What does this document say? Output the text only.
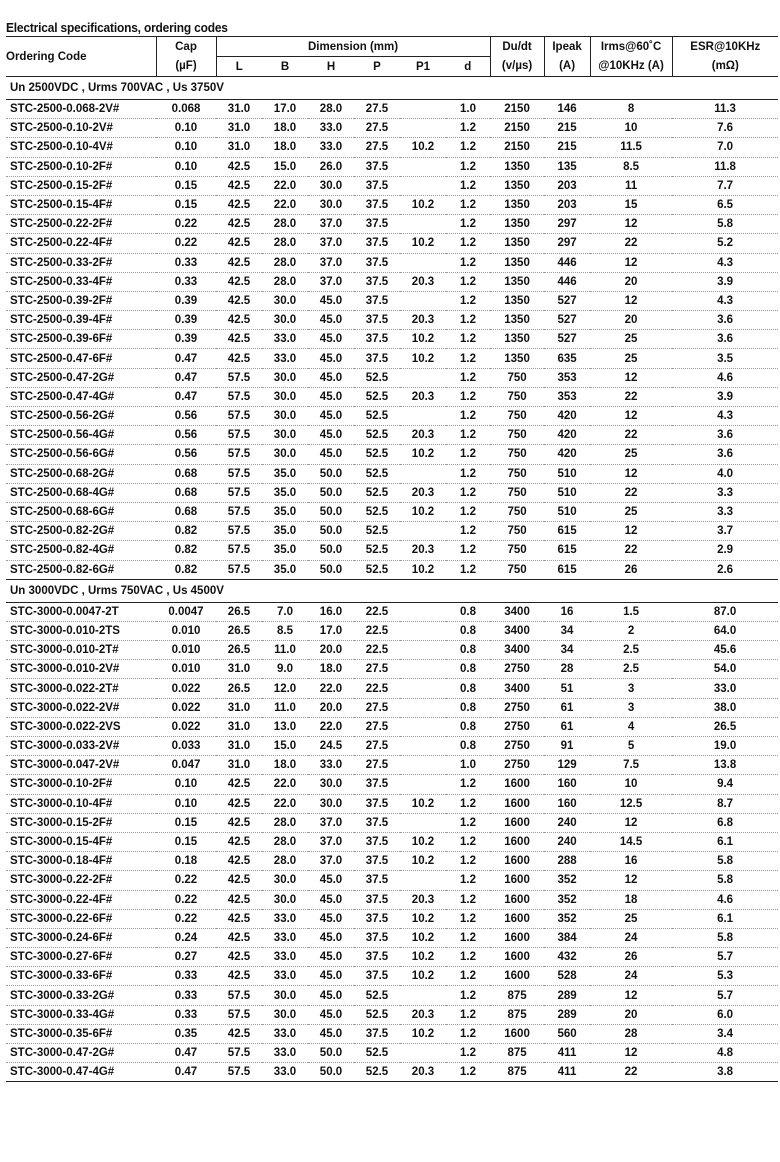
Electrical specifications, ordering codes
Ordering Code	Cap	Dimension (mm)						Du/dt	Ipeak	Irms@60˚C	ESR@10KHz
	(µF)	L	B	H	P	P1	d	(v/µs)	(A)	@10KHz (A)	(mΩ)
Un 2500VDC , Urms 700VAC , Us 3750V											
STC-2500-0.068-2V#	0.068	31.0	17.0	28.0	27.5		1.0	2150	146	8	11.3
STC-2500-0.10-2V#	0.10	31.0	18.0	33.0	27.5		1.2	2150	215	10	7.6
STC-2500-0.10-4V#	0.10	31.0	18.0	33.0	27.5	10.2	1.2	2150	215	11.5	7.0
STC-2500-0.10-2F#	0.10	42.5	15.0	26.0	37.5		1.2	1350	135	8.5	11.8
STC-2500-0.15-2F#	0.15	42.5	22.0	30.0	37.5		1.2	1350	203	11	7.7
STC-2500-0.15-4F#	0.15	42.5	22.0	30.0	37.5	10.2	1.2	1350	203	15	6.5
STC-2500-0.22-2F#	0.22	42.5	28.0	37.0	37.5		1.2	1350	297	12	5.8
STC-2500-0.22-4F#	0.22	42.5	28.0	37.0	37.5	10.2	1.2	1350	297	22	5.2
STC-2500-0.33-2F#	0.33	42.5	28.0	37.0	37.5		1.2	1350	446	12	4.3
STC-2500-0.33-4F#	0.33	42.5	28.0	37.0	37.5	20.3	1.2	1350	446	20	3.9
STC-2500-0.39-2F#	0.39	42.5	30.0	45.0	37.5		1.2	1350	527	12	4.3
STC-2500-0.39-4F#	0.39	42.5	30.0	45.0	37.5	20.3	1.2	1350	527	20	3.6
STC-2500-0.39-6F#	0.39	42.5	33.0	45.0	37.5	10.2	1.2	1350	527	25	3.6
STC-2500-0.47-6F#	0.47	42.5	33.0	45.0	37.5	10.2	1.2	1350	635	25	3.5
STC-2500-0.47-2G#	0.47	57.5	30.0	45.0	52.5		1.2	750	353	12	4.6
STC-2500-0.47-4G#	0.47	57.5	30.0	45.0	52.5	20.3	1.2	750	353	22	3.9
STC-2500-0.56-2G#	0.56	57.5	30.0	45.0	52.5		1.2	750	420	12	4.3
STC-2500-0.56-4G#	0.56	57.5	30.0	45.0	52.5	20.3	1.2	750	420	22	3.6
STC-2500-0.56-6G#	0.56	57.5	30.0	45.0	52.5	10.2	1.2	750	420	25	3.6
STC-2500-0.68-2G#	0.68	57.5	35.0	50.0	52.5		1.2	750	510	12	4.0
STC-2500-0.68-4G#	0.68	57.5	35.0	50.0	52.5	20.3	1.2	750	510	22	3.3
STC-2500-0.68-6G#	0.68	57.5	35.0	50.0	52.5	10.2	1.2	750	510	25	3.3
STC-2500-0.82-2G#	0.82	57.5	35.0	50.0	52.5		1.2	750	615	12	3.7
STC-2500-0.82-4G#	0.82	57.5	35.0	50.0	52.5	20.3	1.2	750	615	22	2.9
STC-2500-0.82-6G#	0.82	57.5	35.0	50.0	52.5	10.2	1.2	750	615	26	2.6
Un 3000VDC , Urms 750VAC , Us 4500V											
STC-3000-0.0047-2T	0.0047	26.5	7.0	16.0	22.5		0.8	3400	16	1.5	87.0
STC-3000-0.010-2TS	0.010	26.5	8.5	17.0	22.5		0.8	3400	34	2	64.0
STC-3000-0.010-2T#	0.010	26.5	11.0	20.0	22.5		0.8	3400	34	2.5	45.6
STC-3000-0.010-2V#	0.010	31.0	9.0	18.0	27.5		0.8	2750	28	2.5	54.0
STC-3000-0.022-2T#	0.022	26.5	12.0	22.0	22.5		0.8	3400	51	3	33.0
STC-3000-0.022-2V#	0.022	31.0	11.0	20.0	27.5		0.8	2750	61	3	38.0
STC-3000-0.022-2VS	0.022	31.0	13.0	22.0	27.5		0.8	2750	61	4	26.5
STC-3000-0.033-2V#	0.033	31.0	15.0	24.5	27.5		0.8	2750	91	5	19.0
STC-3000-0.047-2V#	0.047	31.0	18.0	33.0	27.5		1.0	2750	129	7.5	13.8
STC-3000-0.10-2F#	0.10	42.5	22.0	30.0	37.5		1.2	1600	160	10	9.4
STC-3000-0.10-4F#	0.10	42.5	22.0	30.0	37.5	10.2	1.2	1600	160	12.5	8.7
STC-3000-0.15-2F#	0.15	42.5	28.0	37.0	37.5		1.2	1600	240	12	6.8
STC-3000-0.15-4F#	0.15	42.5	28.0	37.0	37.5	10.2	1.2	1600	240	14.5	6.1
STC-3000-0.18-4F#	0.18	42.5	28.0	37.0	37.5	10.2	1.2	1600	288	16	5.8
STC-3000-0.22-2F#	0.22	42.5	30.0	45.0	37.5		1.2	1600	352	12	5.8
STC-3000-0.22-4F#	0.22	42.5	30.0	45.0	37.5	20.3	1.2	1600	352	18	4.6
STC-3000-0.22-6F#	0.22	42.5	33.0	45.0	37.5	10.2	1.2	1600	352	25	6.1
STC-3000-0.24-6F#	0.24	42.5	33.0	45.0	37.5	10.2	1.2	1600	384	24	5.8
STC-3000-0.27-6F#	0.27	42.5	33.0	45.0	37.5	10.2	1.2	1600	432	26	5.7
STC-3000-0.33-6F#	0.33	42.5	33.0	45.0	37.5	10.2	1.2	1600	528	24	5.3
STC-3000-0.33-2G#	0.33	57.5	30.0	45.0	52.5		1.2	875	289	12	5.7
STC-3000-0.33-4G#	0.33	57.5	30.0	45.0	52.5	20.3	1.2	875	289	20	6.0
STC-3000-0.35-6F#	0.35	42.5	33.0	45.0	37.5	10.2	1.2	1600	560	28	3.4
STC-3000-0.47-2G#	0.47	57.5	33.0	50.0	52.5		1.2	875	411	12	4.8
STC-3000-0.47-4G#	0.47	57.5	33.0	50.0	52.5	20.3	1.2	875	411	22	3.8
